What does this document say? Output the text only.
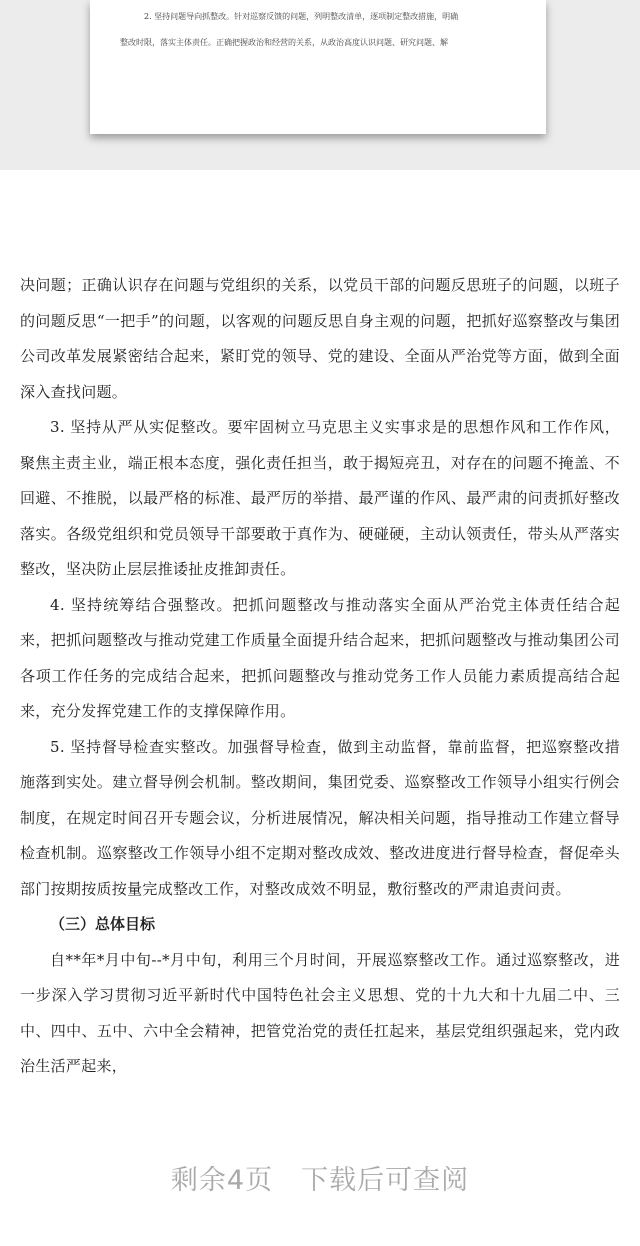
2. 坚持问题导向抓整改。针对巡察反馈的问题，列明整改清单，逐项制定整改措施，明确
整改时限，落实主体责任。正确把握政治和经营的关系，从政治高度认识问题、研究问题、解

决问题；正确认识存在问题与党组织的关系，以党员干部的问题反思班子的问题，以班子的问题反思“一把手”的问题，以客观的问题反思自身主观的问题，把抓好巡察整改与集团公司改革发展紧密结合起来，紧盯党的领导、党的建设、全面从严治党等方面，做到全面深入查找问题。

3. 坚持从严从实促整改。要牢固树立马克思主义实事求是的思想作风和工作作风，聚焦主责主业，端正根本态度，强化责任担当，敢于揭短亮丑，对存在的问题不掩盖、不回避、不推脱，以最严格的标准、最严厉的举措、最严谨的作风、最严肃的问责抓好整改落实。各级党组织和党员领导干部要敢于真作为、硬碰硬，主动认领责任，带头从严落实整改，坚决防止层层推诿扯皮推卸责任。

4. 坚持统筹结合强整改。把抓问题整改与推动落实全面从严治党主体责任结合起来，把抓问题整改与推动党建工作质量全面提升结合起来，把抓问题整改与推动集团公司各项工作任务的完成结合起来，把抓问题整改与推动党务工作人员能力素质提高结合起来，充分发挥党建工作的支撑保障作用。

5. 坚持督导检查实整改。加强督导检查，做到主动监督，靠前监督，把巡察整改措施落到实处。建立督导例会机制。整改期间，集团党委、巡察整改工作领导小组实行例会制度，在规定时间召开专题会议，分析进展情况，解决相关问题，指导推动工作建立督导检查机制。巡察整改工作领导小组不定期对整改成效、整改进度进行督导检查，督促牵头部门按期按质按量完成整改工作，对整改成效不明显，敷衍整改的严肃追责问责。

（三）总体目标

自**年*月中旬--*月中旬，利用三个月时间，开展巡察整改工作。通过巡察整改，进一步深入学习贯彻习近平新时代中国特色社会主义思想、党的十九大和十九届二中、三中、四中、五中、六中全会精神，把管党治党的责任扛起来，基层党组织强起来，党内政治生活严起来，

剩余4页　下载后可查阅
